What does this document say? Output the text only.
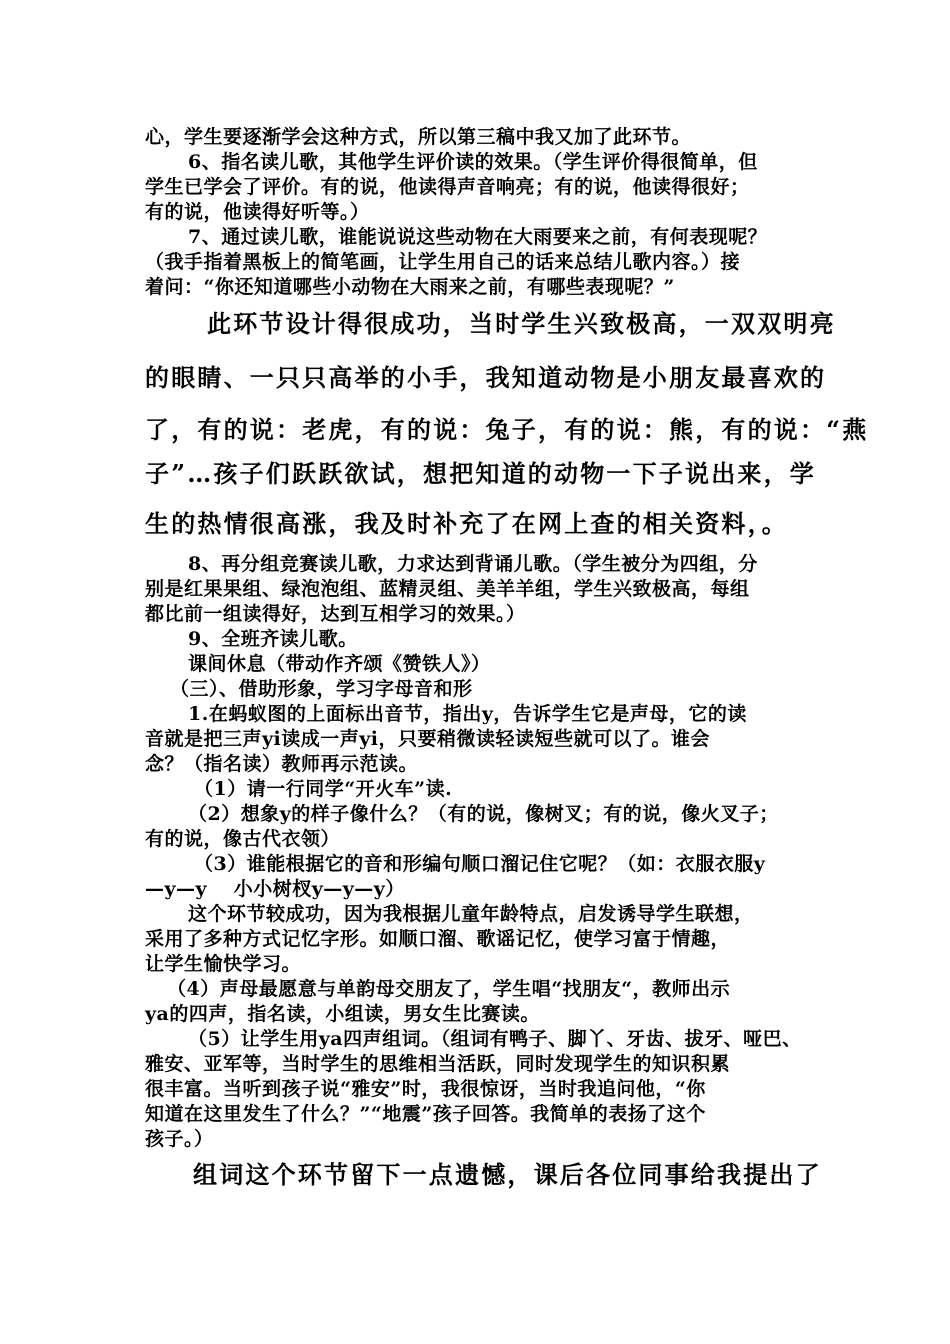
心，学生要逐渐学会这种方式，所以第三稿中我又加了此环节。
6、指名读儿歌，其他学生评价读的效果。（学生评价得很简单，但
学生已学会了评价。有的说，他读得声音响亮；有的说，他读得很好；
有的说，他读得好听等。）
7、通过读儿歌，谁能说说这些动物在大雨要来之前，有何表现呢？
（我手指着黑板上的简笔画，让学生用自己的话来总结儿歌内容。）接
着问：“你还知道哪些小动物在大雨来之前，有哪些表现呢？”
此环节设计得很成功，当时学生兴致极高，一双双明亮
的眼睛、一只只高举的小手，我知道动物是小朋友最喜欢的
了，有的说：老虎，有的说：兔子，有的说：熊，有的说：“燕
子”…孩子们跃跃欲试，想把知道的动物一下子说出来，学
生的热情很高涨，我及时补充了在网上查的相关资料，。
8、再分组竞赛读儿歌，力求达到背诵儿歌。（学生被分为四组，分
别是红果果组、绿泡泡组、蓝精灵组、美羊羊组，学生兴致极高，每组
都比前一组读得好，达到互相学习的效果。）
9、全班齐读儿歌。
课间休息（带动作齐颂《赞铁人》）
（三）、借助形象，学习字母音和形
1.在蚂蚁图的上面标出音节，指出y，告诉学生它是声母，它的读
音就是把三声yi读成一声yi，只要稍微读轻读短些就可以了。谁会
念？（指名读）教师再示范读。
（1）请一行同学“开火车”读.
（2）想象y的样子像什么？（有的说，像树叉；有的说，像火叉子；
有的说，像古代衣领）
（3）谁能根据它的音和形编句顺口溜记住它呢？（如：衣服衣服y
—y—y　 小小树杈y—y—y）
这个环节较成功，因为我根据儿童年龄特点，启发诱导学生联想，
采用了多种方式记忆字形。如顺口溜、歌谣记忆，使学习富于情趣，
让学生愉快学习。
（4）声母最愿意与单韵母交朋友了，学生唱“找朋友“，教师出示
ya的四声，指名读，小组读，男女生比赛读。
（5）让学生用ya四声组词。（组词有鸭子、脚丫、牙齿、拔牙、哑巴、
雅安、亚军等，当时学生的思维相当活跃，同时发现学生的知识积累
很丰富。当听到孩子说“雅安”时，我很惊讶，当时我追问他，“你
知道在这里发生了什么？”“地震”孩子回答。我简单的表扬了这个
孩子。）
组词这个环节留下一点遗憾，课后各位同事给我提出了
